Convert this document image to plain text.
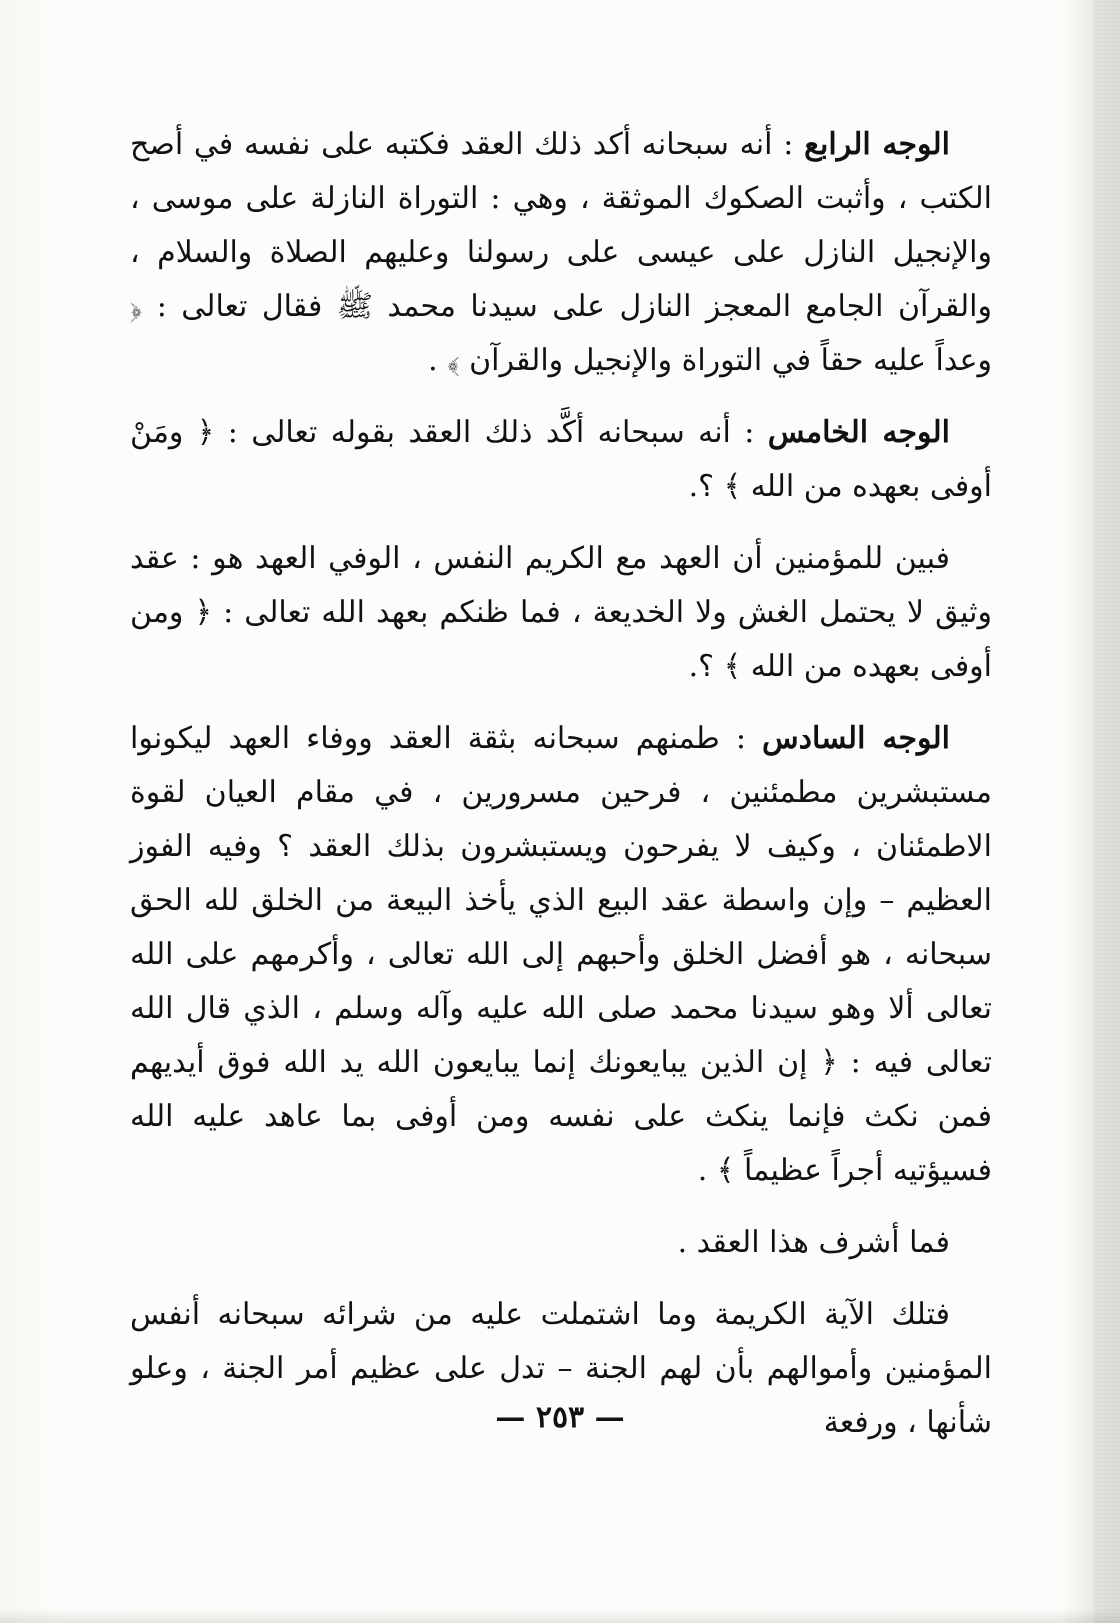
الوجه الرابع : أنه سبحانه أكد ذلك العقد فكتبه على نفسه في أصح الكتب ، وأثبت الصكوك الموثقة ، وهي : التوراة النازلة على موسى ، والإنجيل النازل على عيسى على رسولنا وعليهم الصلاة والسلام ، والقرآن الجامع المعجز النازل على سيدنا محمد ﷺ فقال تعالى : ﴿ وعداً عليه حقاً في التوراة والإنجيل والقرآن ﴾ .

الوجه الخامس : أنه سبحانه أكَّد ذلك العقد بقوله تعالى : ﴿ ومَنْ أوفى بعهده من الله ﴾ ؟.

فبين للمؤمنين أن العهد مع الكريم النفس ، الوفي العهد هو : عقد وثيق لا يحتمل الغش ولا الخديعة ، فما ظنكم بعهد الله تعالى : ﴿ ومن أوفى بعهده من الله ﴾ ؟.

الوجه السادس : طمنهم سبحانه بثقة العقد ووفاء العهد ليكونوا مستبشرين مطمئنين ، فرحين مسرورين ، في مقام العيان لقوة الاطمئنان ، وكيف لا يفرحون ويستبشرون بذلك العقد ؟ وفيه الفوز العظيم – وإن واسطة عقد البيع الذي يأخذ البيعة من الخلق لله الحق سبحانه ، هو أفضل الخلق وأحبهم إلى الله تعالى ، وأكرمهم على الله تعالى ألا وهو سيدنا محمد صلى الله عليه وآله وسلم ، الذي قال الله تعالى فيه : ﴿ إن الذين يبايعونك إنما يبايعون الله يد الله فوق أيديهم فمن نكث فإنما ينكث على نفسه ومن أوفى بما عاهد عليه الله فسيؤتيه أجراً عظيماً ﴾ .

فما أشرف هذا العقد .

فتلك الآية الكريمة وما اشتملت عليه من شرائه سبحانه أنفس المؤمنين وأموالهم بأن لهم الجنة – تدل على عظيم أمر الجنة ، وعلو شأنها ، ورفعة

— ٢٥٣ —
